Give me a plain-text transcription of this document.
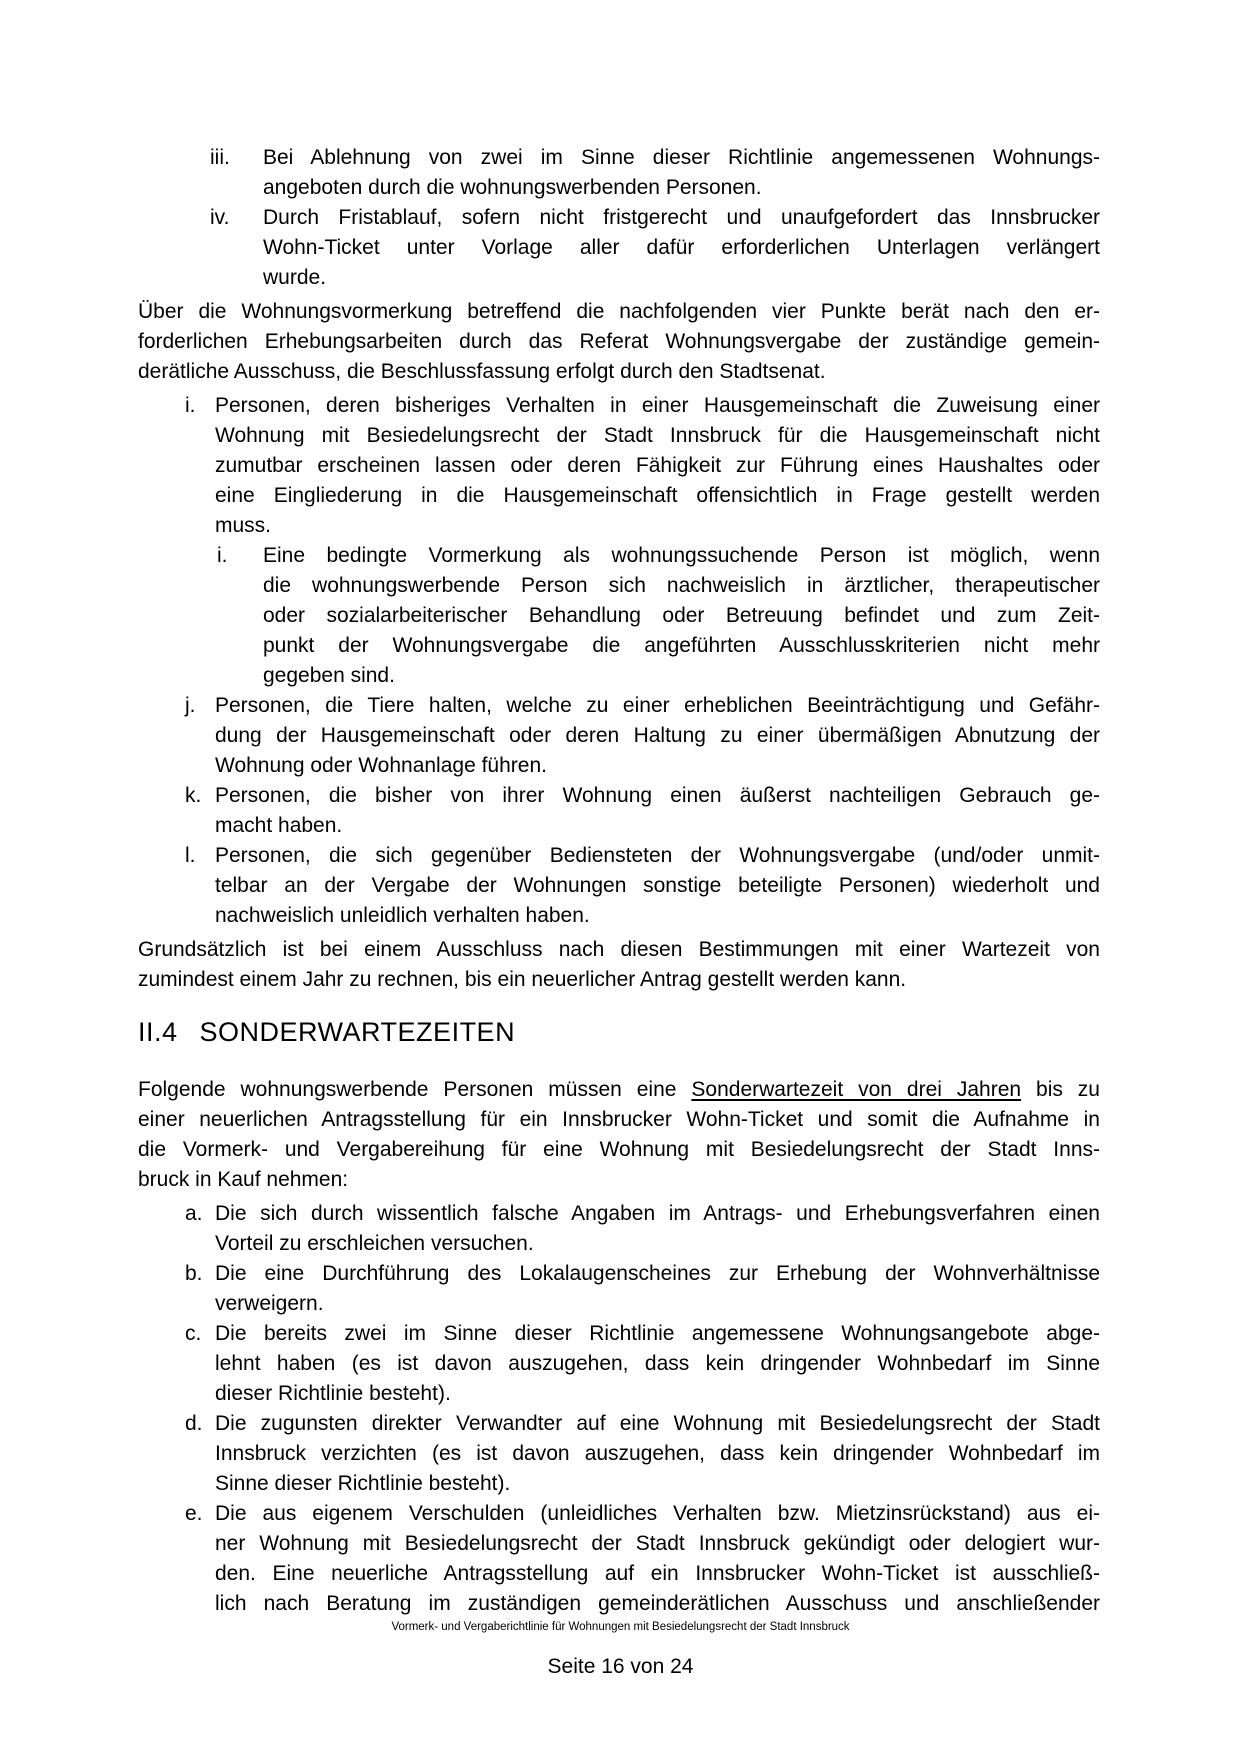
iii.	Bei Ablehnung von zwei im Sinne dieser Richtlinie angemessenen Wohnungs-
angeboten durch die wohnungswerbenden Personen.
iv.	Durch Fristablauf, sofern nicht fristgerecht und unaufgefordert das Innsbrucker
Wohn-Ticket unter Vorlage aller dafür erforderlichen Unterlagen verlängert
wurde.
Über die Wohnungsvormerkung betreffend die nachfolgenden vier Punkte berät nach den er-
forderlichen Erhebungsarbeiten durch das Referat Wohnungsvergabe der zuständige gemein-
derätliche Ausschuss, die Beschlussfassung erfolgt durch den Stadtsenat.
i. Personen, deren bisheriges Verhalten in einer Hausgemeinschaft die Zuweisung einer
Wohnung mit Besiedelungsrecht der Stadt Innsbruck für die Hausgemeinschaft nicht
zumutbar erscheinen lassen oder deren Fähigkeit zur Führung eines Haushaltes oder
eine Eingliederung in die Hausgemeinschaft offensichtlich in Frage gestellt werden
muss.
i.	Eine bedingte Vormerkung als wohnungssuchende Person ist möglich, wenn
die wohnungswerbende Person sich nachweislich in ärztlicher, therapeutischer
oder sozialarbeiterischer Behandlung oder Betreuung befindet und zum Zeit-
punkt der Wohnungsvergabe die angeführten Ausschlusskriterien nicht mehr
gegeben sind.
j. Personen, die Tiere halten, welche zu einer erheblichen Beeinträchtigung und Gefähr-
dung der Hausgemeinschaft oder deren Haltung zu einer übermäßigen Abnutzung der
Wohnung oder Wohnanlage führen.
k. Personen, die bisher von ihrer Wohnung einen äußerst nachteiligen Gebrauch ge-
macht haben.
l. Personen, die sich gegenüber Bediensteten der Wohnungsvergabe (und/oder unmit-
telbar an der Vergabe der Wohnungen sonstige beteiligte Personen) wiederholt und
nachweislich unleidlich verhalten haben.
Grundsätzlich ist bei einem Ausschluss nach diesen Bestimmungen mit einer Wartezeit von
zumindest einem Jahr zu rechnen, bis ein neuerlicher Antrag gestellt werden kann.
II.4 SONDERWARTEZEITEN
Folgende wohnungswerbende Personen müssen eine Sonderwartezeit von drei Jahren bis zu
einer neuerlichen Antragsstellung für ein Innsbrucker Wohn-Ticket und somit die Aufnahme in
die Vormerk- und Vergabereihung für eine Wohnung mit Besiedelungsrecht der Stadt Inns-
bruck in Kauf nehmen:
a. Die sich durch wissentlich falsche Angaben im Antrags- und Erhebungsverfahren einen
Vorteil zu erschleichen versuchen.
b. Die eine Durchführung des Lokalaugenscheines zur Erhebung der Wohnverhältnisse
verweigern.
c. Die bereits zwei im Sinne dieser Richtlinie angemessene Wohnungsangebote abge-
lehnt haben (es ist davon auszugehen, dass kein dringender Wohnbedarf im Sinne
dieser Richtlinie besteht).
d. Die zugunsten direkter Verwandter auf eine Wohnung mit Besiedelungsrecht der Stadt
Innsbruck verzichten (es ist davon auszugehen, dass kein dringender Wohnbedarf im
Sinne dieser Richtlinie besteht).
e. Die aus eigenem Verschulden (unleidliches Verhalten bzw. Mietzinsrückstand) aus ei-
ner Wohnung mit Besiedelungsrecht der Stadt Innsbruck gekündigt oder delogiert wur-
den. Eine neuerliche Antragsstellung auf ein Innsbrucker Wohn-Ticket ist ausschließ-
lich nach Beratung im zuständigen gemeinderätlichen Ausschuss und anschließender
Vormerk- und Vergaberichtlinie für Wohnungen mit Besiedelungsrecht der Stadt Innsbruck
Seite 16 von 24
